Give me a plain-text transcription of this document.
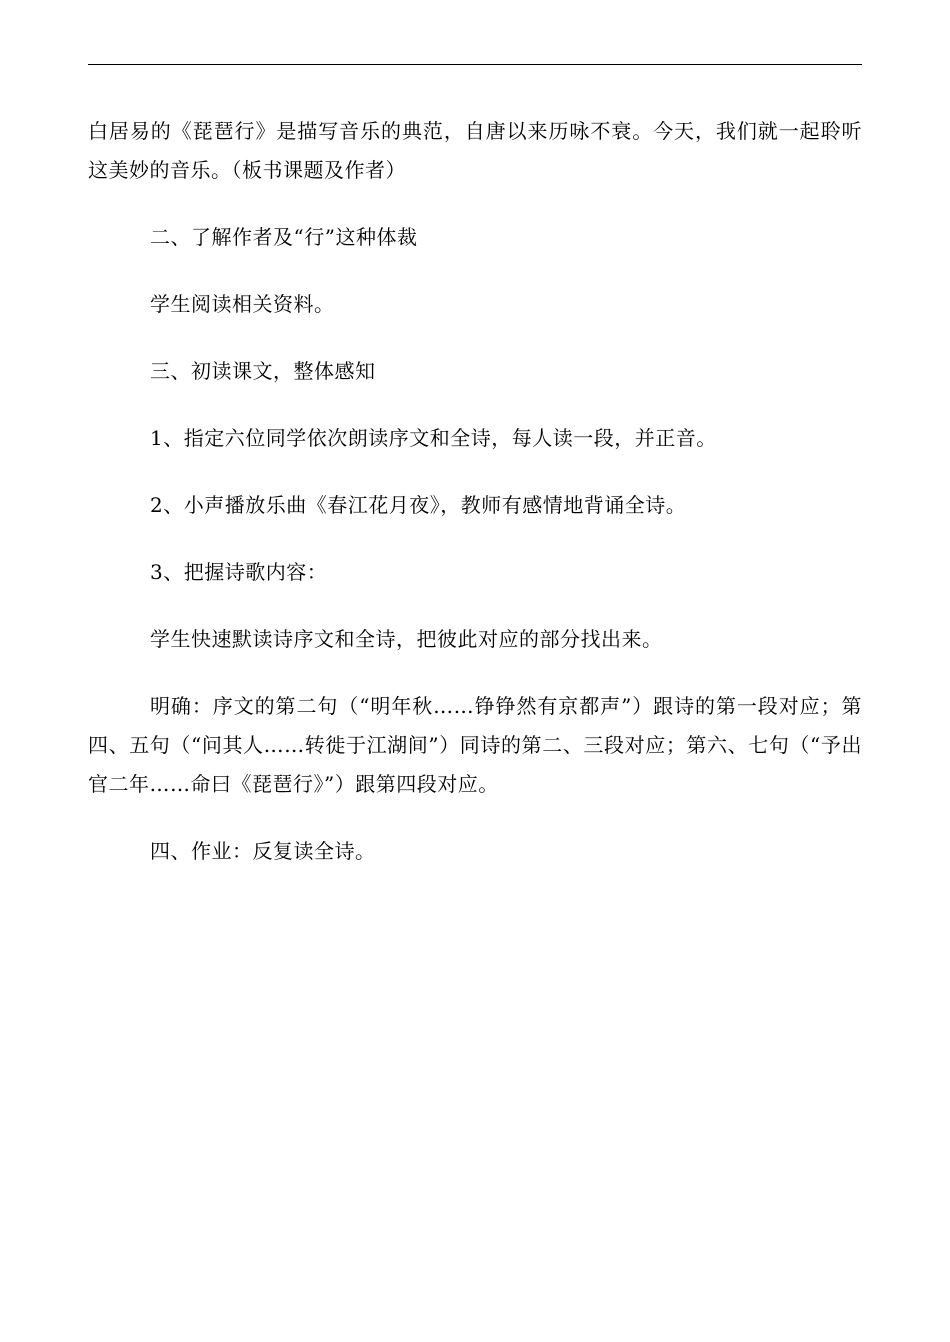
白居易的《琵琶行》是描写音乐的典范，自唐以来历咏不衰。今天，我们就一起聆听这美妙的音乐。（板书课题及作者）

二、了解作者及“行”这种体裁

学生阅读相关资料。

三、初读课文，整体感知

1、指定六位同学依次朗读序文和全诗，每人读一段，并正音。

2、小声播放乐曲《春江花月夜》，教师有感情地背诵全诗。

3、把握诗歌内容：

学生快速默读诗序文和全诗，把彼此对应的部分找出来。

明确：序文的第二句（“明年秋……铮铮然有京都声”）跟诗的第一段对应；第四、五句（“问其人……转徙于江湖间”）同诗的第二、三段对应；第六、七句（“予出官二年……命曰《琵琶行》”）跟第四段对应。

四、作业：反复读全诗。
